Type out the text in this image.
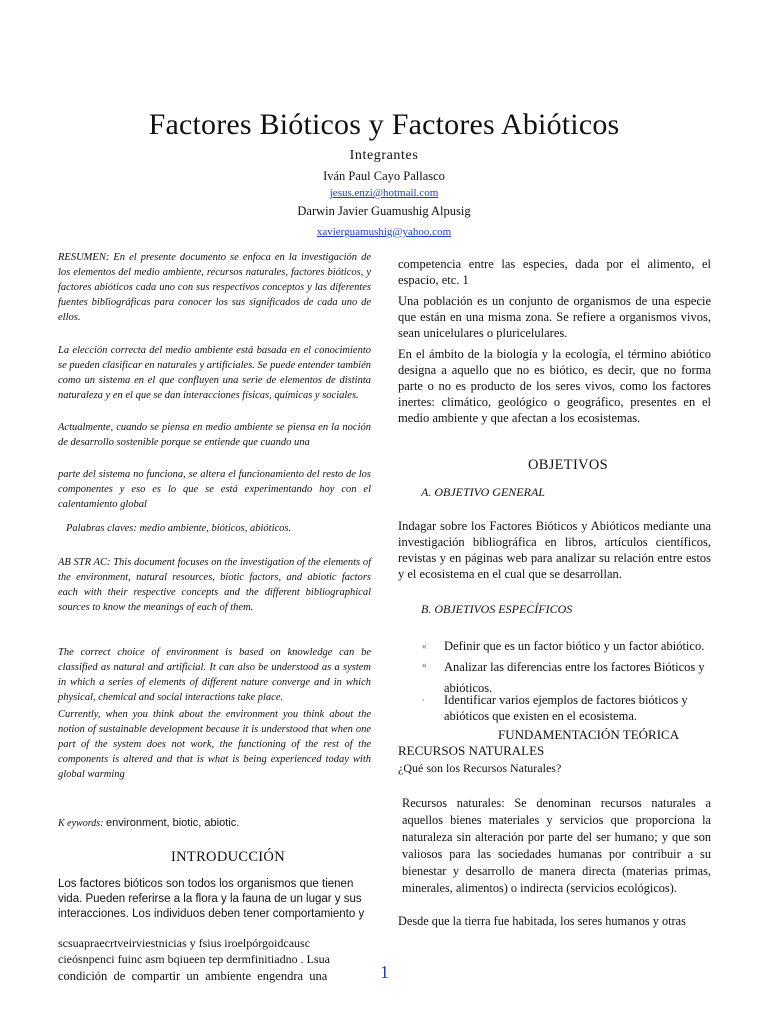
Factores Bióticos y Factores Abióticos
Integrantes
Iván Paul Cayo Pallasco
jesus.enzi@hotmail.com
Darwin Javier Guamushig Alpusig
xavierguamushig@yahoo.com
RESUMEN: En el presente documento se enfoca en la investigación de los elementos del medio ambiente, recursos naturales, factores bióticos, y factores abióticos cada uno con sus respectivos conceptos y las diferentes fuentes bibliográficas para conocer los sus significados de cada uno de ellos.
La elección correcta del medio ambiente está basada en el conocimiento se pueden clasificar en naturales y artificiales. Se puede entender también como un sistema en el que confluyen una serie de elementos de distinta naturaleza y en el que se dan interacciones físicas, químicas y sociales.
Actualmente, cuando se piensa en medio ambiente se piensa en la noción de desarrollo sostenible porque se entiende que cuando una
parte del sistema no funciona, se altera el funcionamiento del resto de los componentes y eso es lo que se está experimentando hoy con el calentamiento global
Palabras claves: medio ambiente, bióticos, abióticos.
AB STR AC: This document focuses on the investigation of the elements of the environment, natural resources, biotic factors, and abiotic factors each with their respective concepts and the different bibliographical sources to know the meanings of each of them.
The correct choice of environment is based on knowledge can be classified as natural and artificial. It can also be understood as a system in which a series of elements of different nature converge and in which physical, chemical and social interactions take place.
Currently, when you think about the environment you think about the notion of sustainable development because it is understood that when one part of the system does not work, the functioning of the rest of the components is altered and that is what is being experienced today with global warming
K eywords: environment, biotic, abiotic.
INTRODUCCIÓN
Los factores bióticos son todos los organismos que tienen vida. Pueden referirse a la flora y la fauna de un lugar y sus interacciones. Los individuos deben tener comportamiento y
scsuapraecrtveirviestnicias y fsius iroelpórgoidcausc
cieósnpenci fuinc asm bqiueen tep dermfinitiadno . Lsua
condición  de  compartir  un  ambiente  engendra  una
competencia entre las especies, dada por el alimento, el espacio, etc. 1
Una población es un conjunto de organismos de una especie que están en una misma zona. Se refiere a organismos vivos, sean unicelulares o pluricelulares.
En el ámbito de la biología y la ecología, el término abiótico designa a aquello que no es biótico, es decir, que no forma parte o no es producto de los seres vivos, como los factores inertes: climático, geológico o geográfico, presentes en el medio ambiente y que afectan a los ecosistemas.
OBJETIVOS
A. OBJETIVO GENERAL
Indagar sobre los Factores Bióticos y Abióticos mediante una investigación bibliográfica en libros, artículos científicos, revistas y en páginas web para analizar su relación entre estos y el ecosistema en el cual que se desarrollan.
B. OBJETIVOS ESPECÍFICOS
« Definir que es un factor biótico y un factor abiótico.
« Analizar las diferencias entre los factores Bióticos y abióticos.
· Identificar varios ejemplos de factores bióticos y abióticos que existen en el ecosistema.
FUNDAMENTACIÓN TEÓRICA
RECURSOS NATURALES
¿Qué son los Recursos Naturales?
Recursos naturales: Se denominan recursos naturales a aquellos bienes materiales y servicios que proporciona la naturaleza sin alteración por parte del ser humano; y que son valiosos para las sociedades humanas por contribuir a su bienestar y desarrollo de manera directa (materias primas, minerales, alimentos) o indirecta (servicios ecológicos).
Desde que la tierra fue habitada, los seres humanos y otras
1
